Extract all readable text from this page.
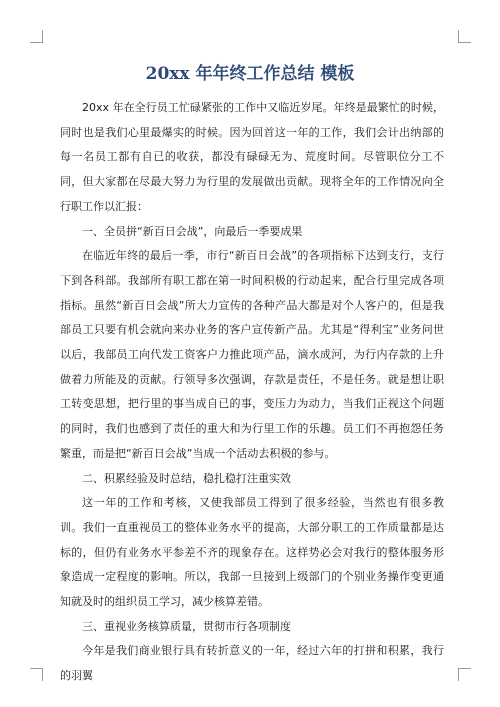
20xx 年年终工作总结 模板

20xx 年在全行员工忙碌紧张的工作中又临近岁尾。年终是最繁忙的时候，同时也是我们心里最爆实的时候。因为回首这一年的工作，我们会计出纳部的每一名员工都有自已的收获，都没有碌碌无为、荒度时间。尽管职位分工不同，但大家都在尽最大努力为行里的发展做出贡献。现将全年的工作情况向全行职工作以汇报：

一、全员拼“新百日会战”，向最后一季要成果

在临近年终的最后一季，市行“新百日会战”的各项指标下达到支行，支行下到各科部。我部所有职工都在第一时间积极的行动起来，配合行里完成各项指标。虽然“新百日会战”所大力宣传的各种产品大都是对个人客户的，但是我部员工只要有机会就向来办业务的客户宣传新产品。尤其是“得利宝”业务问世以后，我部员工向代发工资客户力推此项产品，滴水成河，为行内存款的上升做着力所能及的贡献。行领导多次强调，存款是责任，不是任务。就是想让职工转变思想，把行里的事当成自已的事，变压力为动力，当我们正视这个问题的同时，我们也感到了责任的重大和为行里工作的乐趣。员工们不再抱怨任务繁重，而是把“新百日会战”当成一个活动去积极的参与。

二、积累经验及时总结，稳扎稳打注重实效

这一年的工作和考核，又使我部员工得到了很多经验，当然也有很多教训。我们一直重视员工的整体业务水平的提高，大部分职工的工作质量都是达标的，但仍有业务水平参差不齐的现象存在。这样势必会对我行的整体服务形象造成一定程度的影响。所以，我部一旦接到上级部门的个别业务操作变更通知就及时的组织员工学习，减少核算差错。

三、重视业务核算质量，贯彻市行各项制度

今年是我们商业银行具有转折意义的一年，经过六年的打拼和积累，我行的羽翼
